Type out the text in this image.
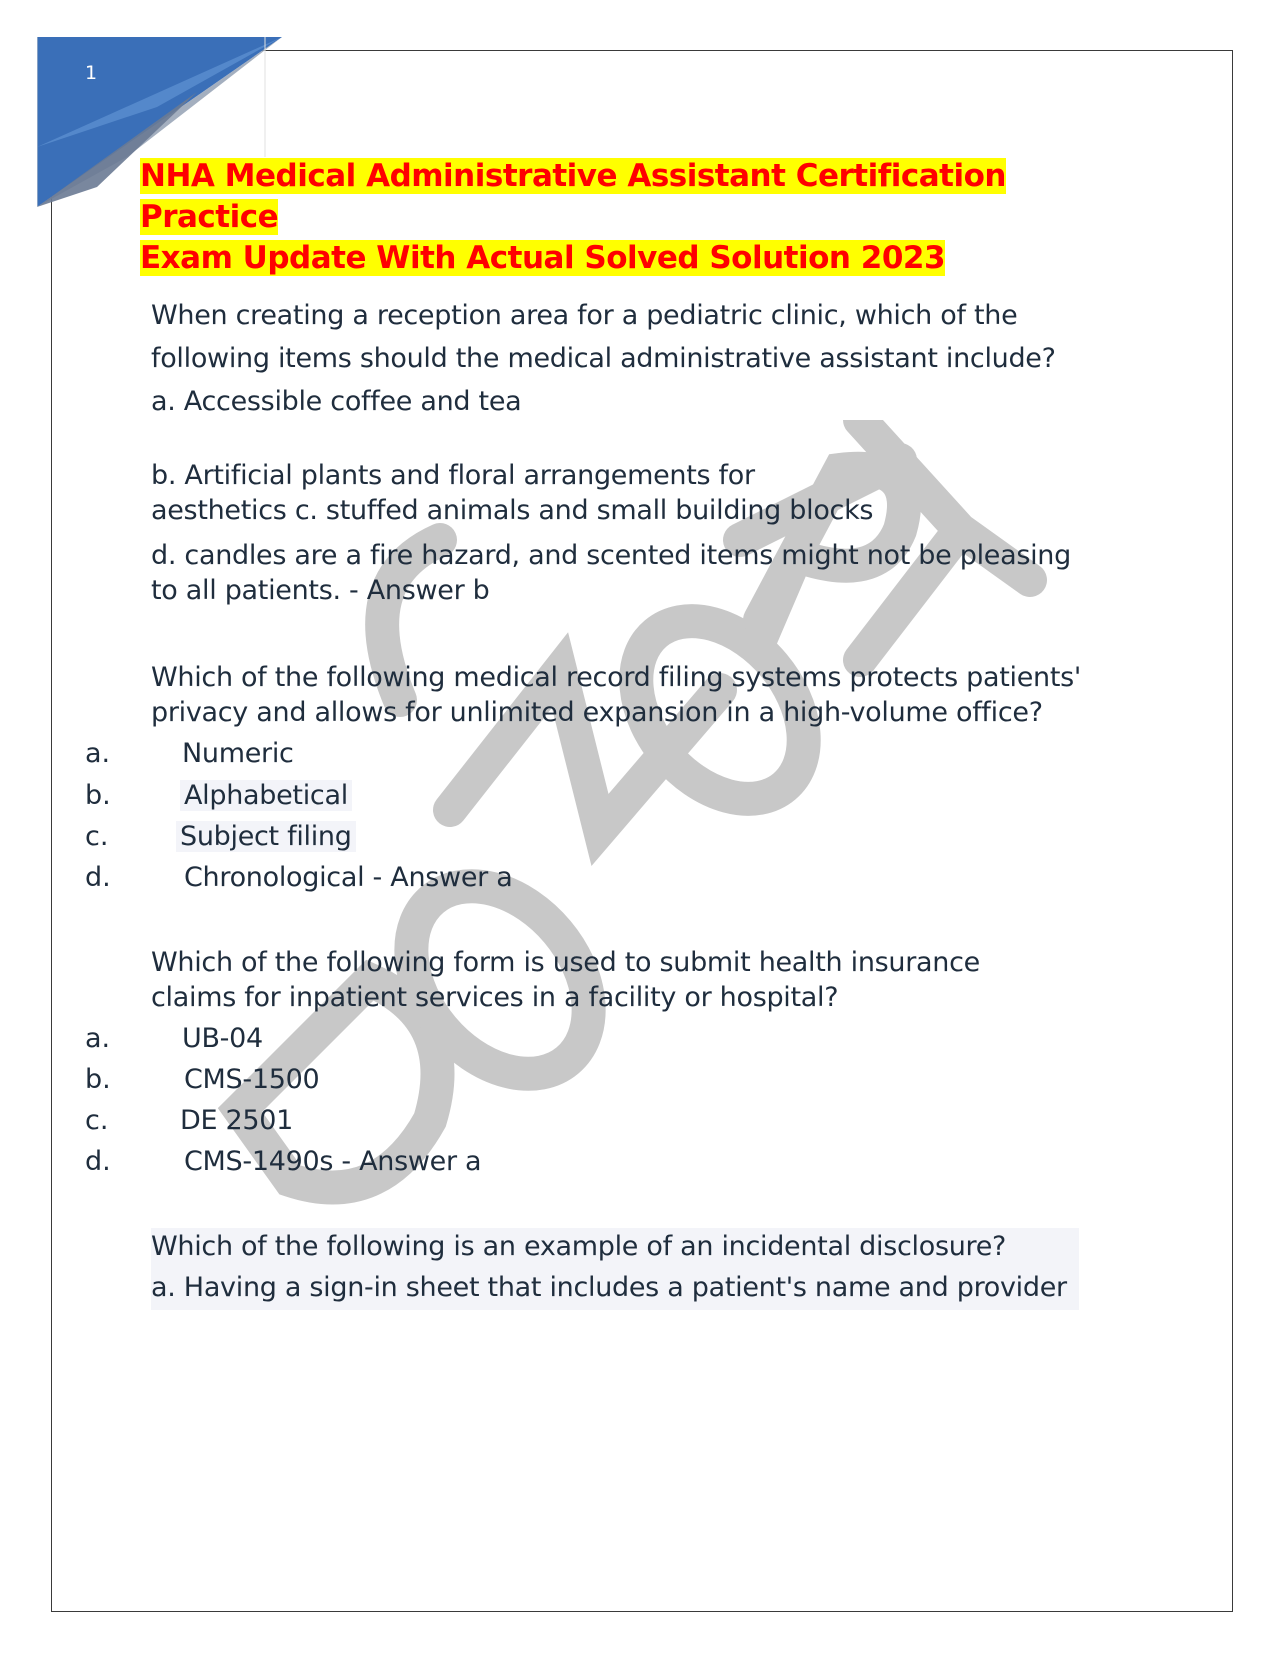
1
NHA Medical Administrative Assistant Certification Practice
Exam Update With Actual Solved Solution 2023
When creating a reception area for a pediatric clinic, which of the
following items should the medical administrative assistant include?
a. Accessible coffee and tea
b. Artificial plants and floral arrangements for
aesthetics c. stuffed animals and small building blocks
d. candles are a fire hazard, and scented items might not be pleasing
to all patients. - Answer b
Which of the following medical record filing systems protects patients'
privacy and allows for unlimited expansion in a high-volume office?
a.	Numeric
b.	Alphabetical
c.	Subject filing
d.	Chronological - Answer a
Which of the following form is used to submit health insurance
claims for inpatient services in a facility or hospital?
a.	UB-04
b.	CMS-1500
c.	DE 2501
d.	CMS-1490s - Answer a
Which of the following is an example of an incidental disclosure?
a. Having a sign-in sheet that includes a patient's name and provider
